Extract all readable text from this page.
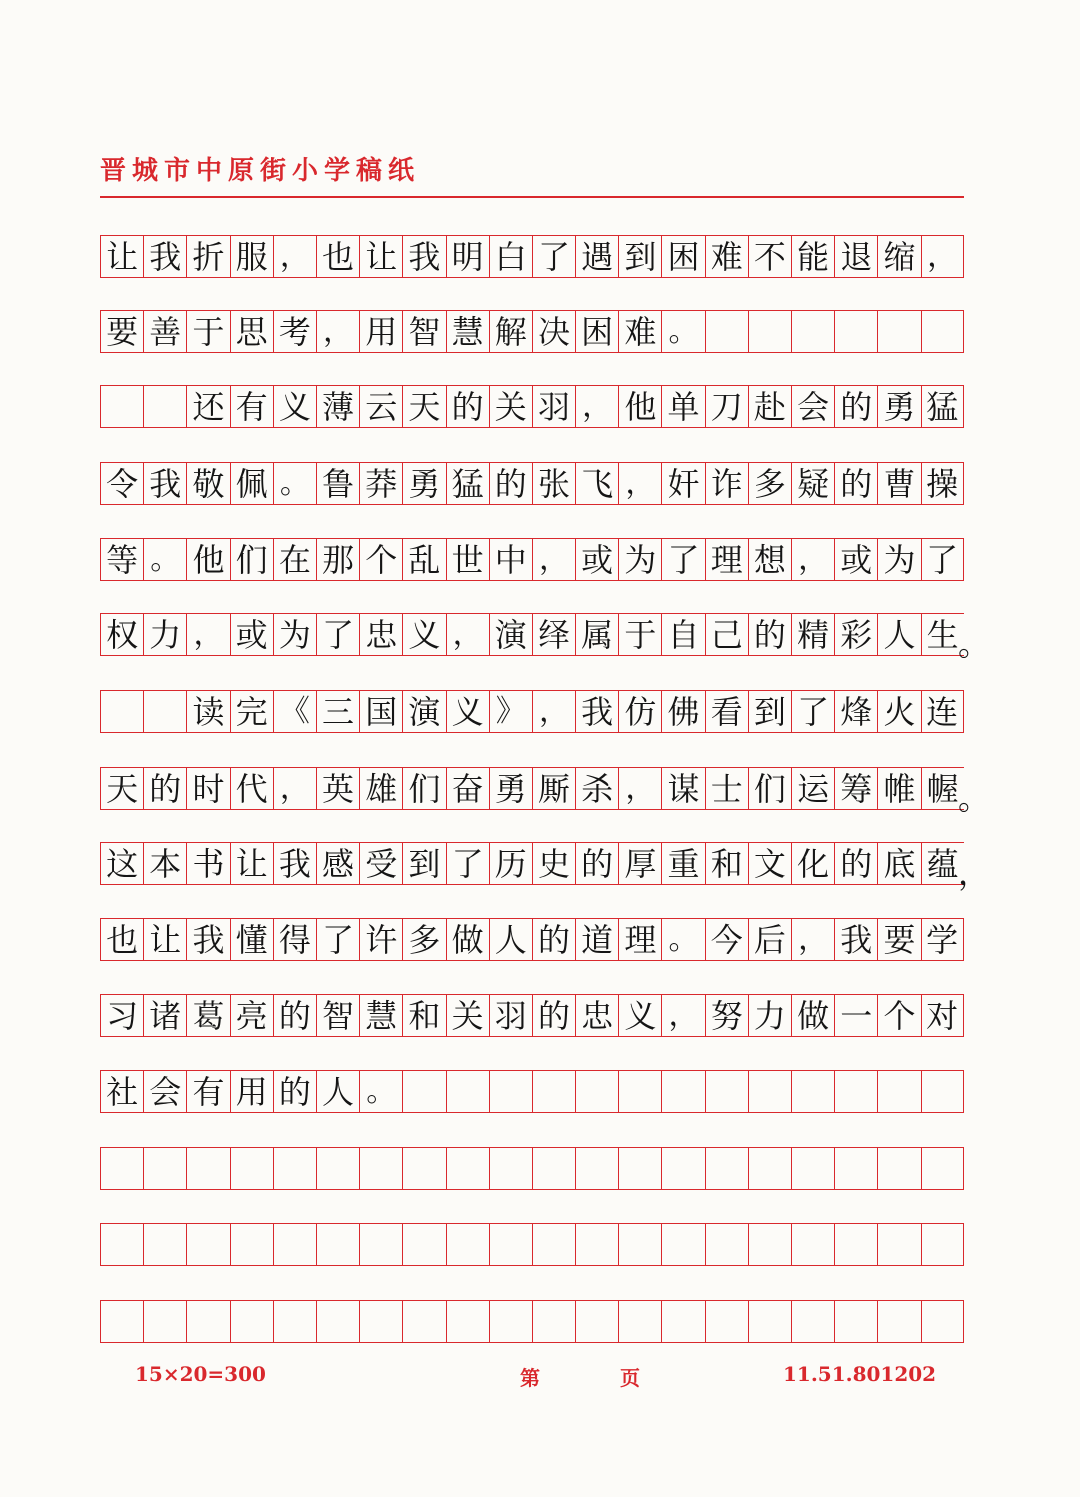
晋城市中原街小学稿纸
让 我 折 服 ， 也 让 我 明 白 了 遇 到 困 难 不 能 退 缩 ，
要 善 于 思 考 ， 用 智 慧 解 决 困 难 。
还 有 义 薄 云 天 的 关 羽 ， 他 单 刀 赴 会 的 勇 猛
令 我 敬 佩 。 鲁 莽 勇 猛 的 张 飞 ， 奸 诈 多 疑 的 曹 操
等 。 他 们 在 那 个 乱 世 中 ， 或 为 了 理 想 ， 或 为 了
权 力 ， 或 为 了 忠 义 ， 演 绎 属 于 自 己 的 精 彩 人 生 。
读 完 《 三 国 演 义 》 ， 我 仿 佛 看 到 了 烽 火 连
天 的 时 代 ， 英 雄 们 奋 勇 厮 杀 ， 谋 士 们 运 筹 帷 幄 。
这 本 书 让 我 感 受 到 了 历 史 的 厚 重 和 文 化 的 底 蕴 ，
也 让 我 懂 得 了 许 多 做 人 的 道 理 。 今 后 ， 我 要 学
习 诸 葛 亮 的 智 慧 和 关 羽 的 忠 义 ， 努 力 做 一 个 对
社 会 有 用 的 人 。
15×20=300	第	页	11.51.801202
